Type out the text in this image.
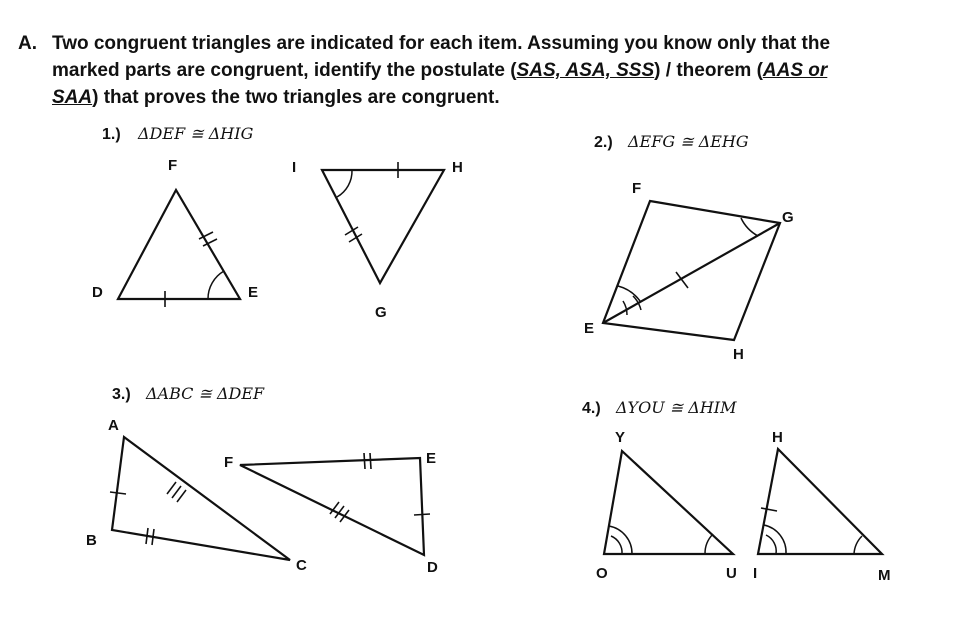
A. Two congruent triangles are indicated for each item. Assuming you know only that the
marked parts are congruent, identify the postulate (SAS, ASA, SSS) / theorem (AAS or
SAA) that proves the two triangles are congruent.
1.) ΔDEF ≅ ΔHIG
F
D	E
I	H
G
2.) ΔEFG ≅ ΔEHG
F
G
E
H
3.) ΔABC ≅ ΔDEF
A
B
C
F	E
D
4.) ΔYOU ≅ ΔHIM
Y
O	U
H
I	M
